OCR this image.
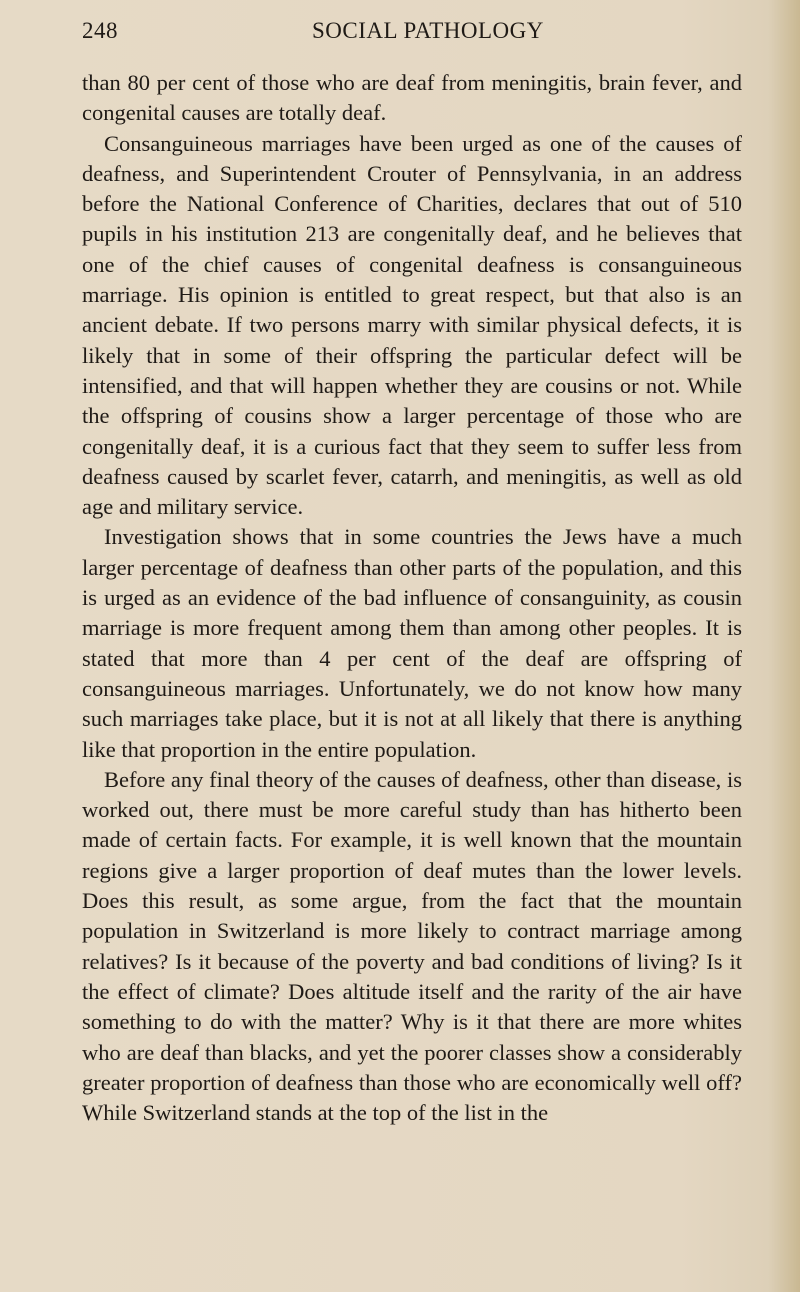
248	SOCIAL PATHOLOGY

than 80 per cent of those who are deaf from meningitis, brain fever, and congenital causes are totally deaf.

Consanguineous marriages have been urged as one of the causes of deafness, and Superintendent Crouter of Pennsylvania, in an address before the National Conference of Charities, declares that out of 510 pupils in his institution 213 are congenitally deaf, and he believes that one of the chief causes of congenital deafness is consanguineous marriage. His opinion is entitled to great respect, but that also is an ancient debate. If two persons marry with similar physical defects, it is likely that in some of their offspring the particular defect will be intensified, and that will happen whether they are cousins or not. While the offspring of cousins show a larger percentage of those who are congenitally deaf, it is a curious fact that they seem to suffer less from deafness caused by scarlet fever, catarrh, and meningitis, as well as old age and military service.

Investigation shows that in some countries the Jews have a much larger percentage of deafness than other parts of the population, and this is urged as an evidence of the bad influence of consanguinity, as cousin marriage is more frequent among them than among other peoples. It is stated that more than 4 per cent of the deaf are offspring of consanguineous marriages. Unfortunately, we do not know how many such marriages take place, but it is not at all likely that there is anything like that proportion in the entire population.

Before any final theory of the causes of deafness, other than disease, is worked out, there must be more careful study than has hitherto been made of certain facts. For example, it is well known that the mountain regions give a larger proportion of deaf mutes than the lower levels. Does this result, as some argue, from the fact that the mountain population in Switzerland is more likely to contract marriage among relatives? Is it because of the poverty and bad conditions of living? Is it the effect of climate? Does altitude itself and the rarity of the air have something to do with the matter? Why is it that there are more whites who are deaf than blacks, and yet the poorer classes show a considerably greater proportion of deafness than those who are economically well off? While Switzerland stands at the top of the list in the
